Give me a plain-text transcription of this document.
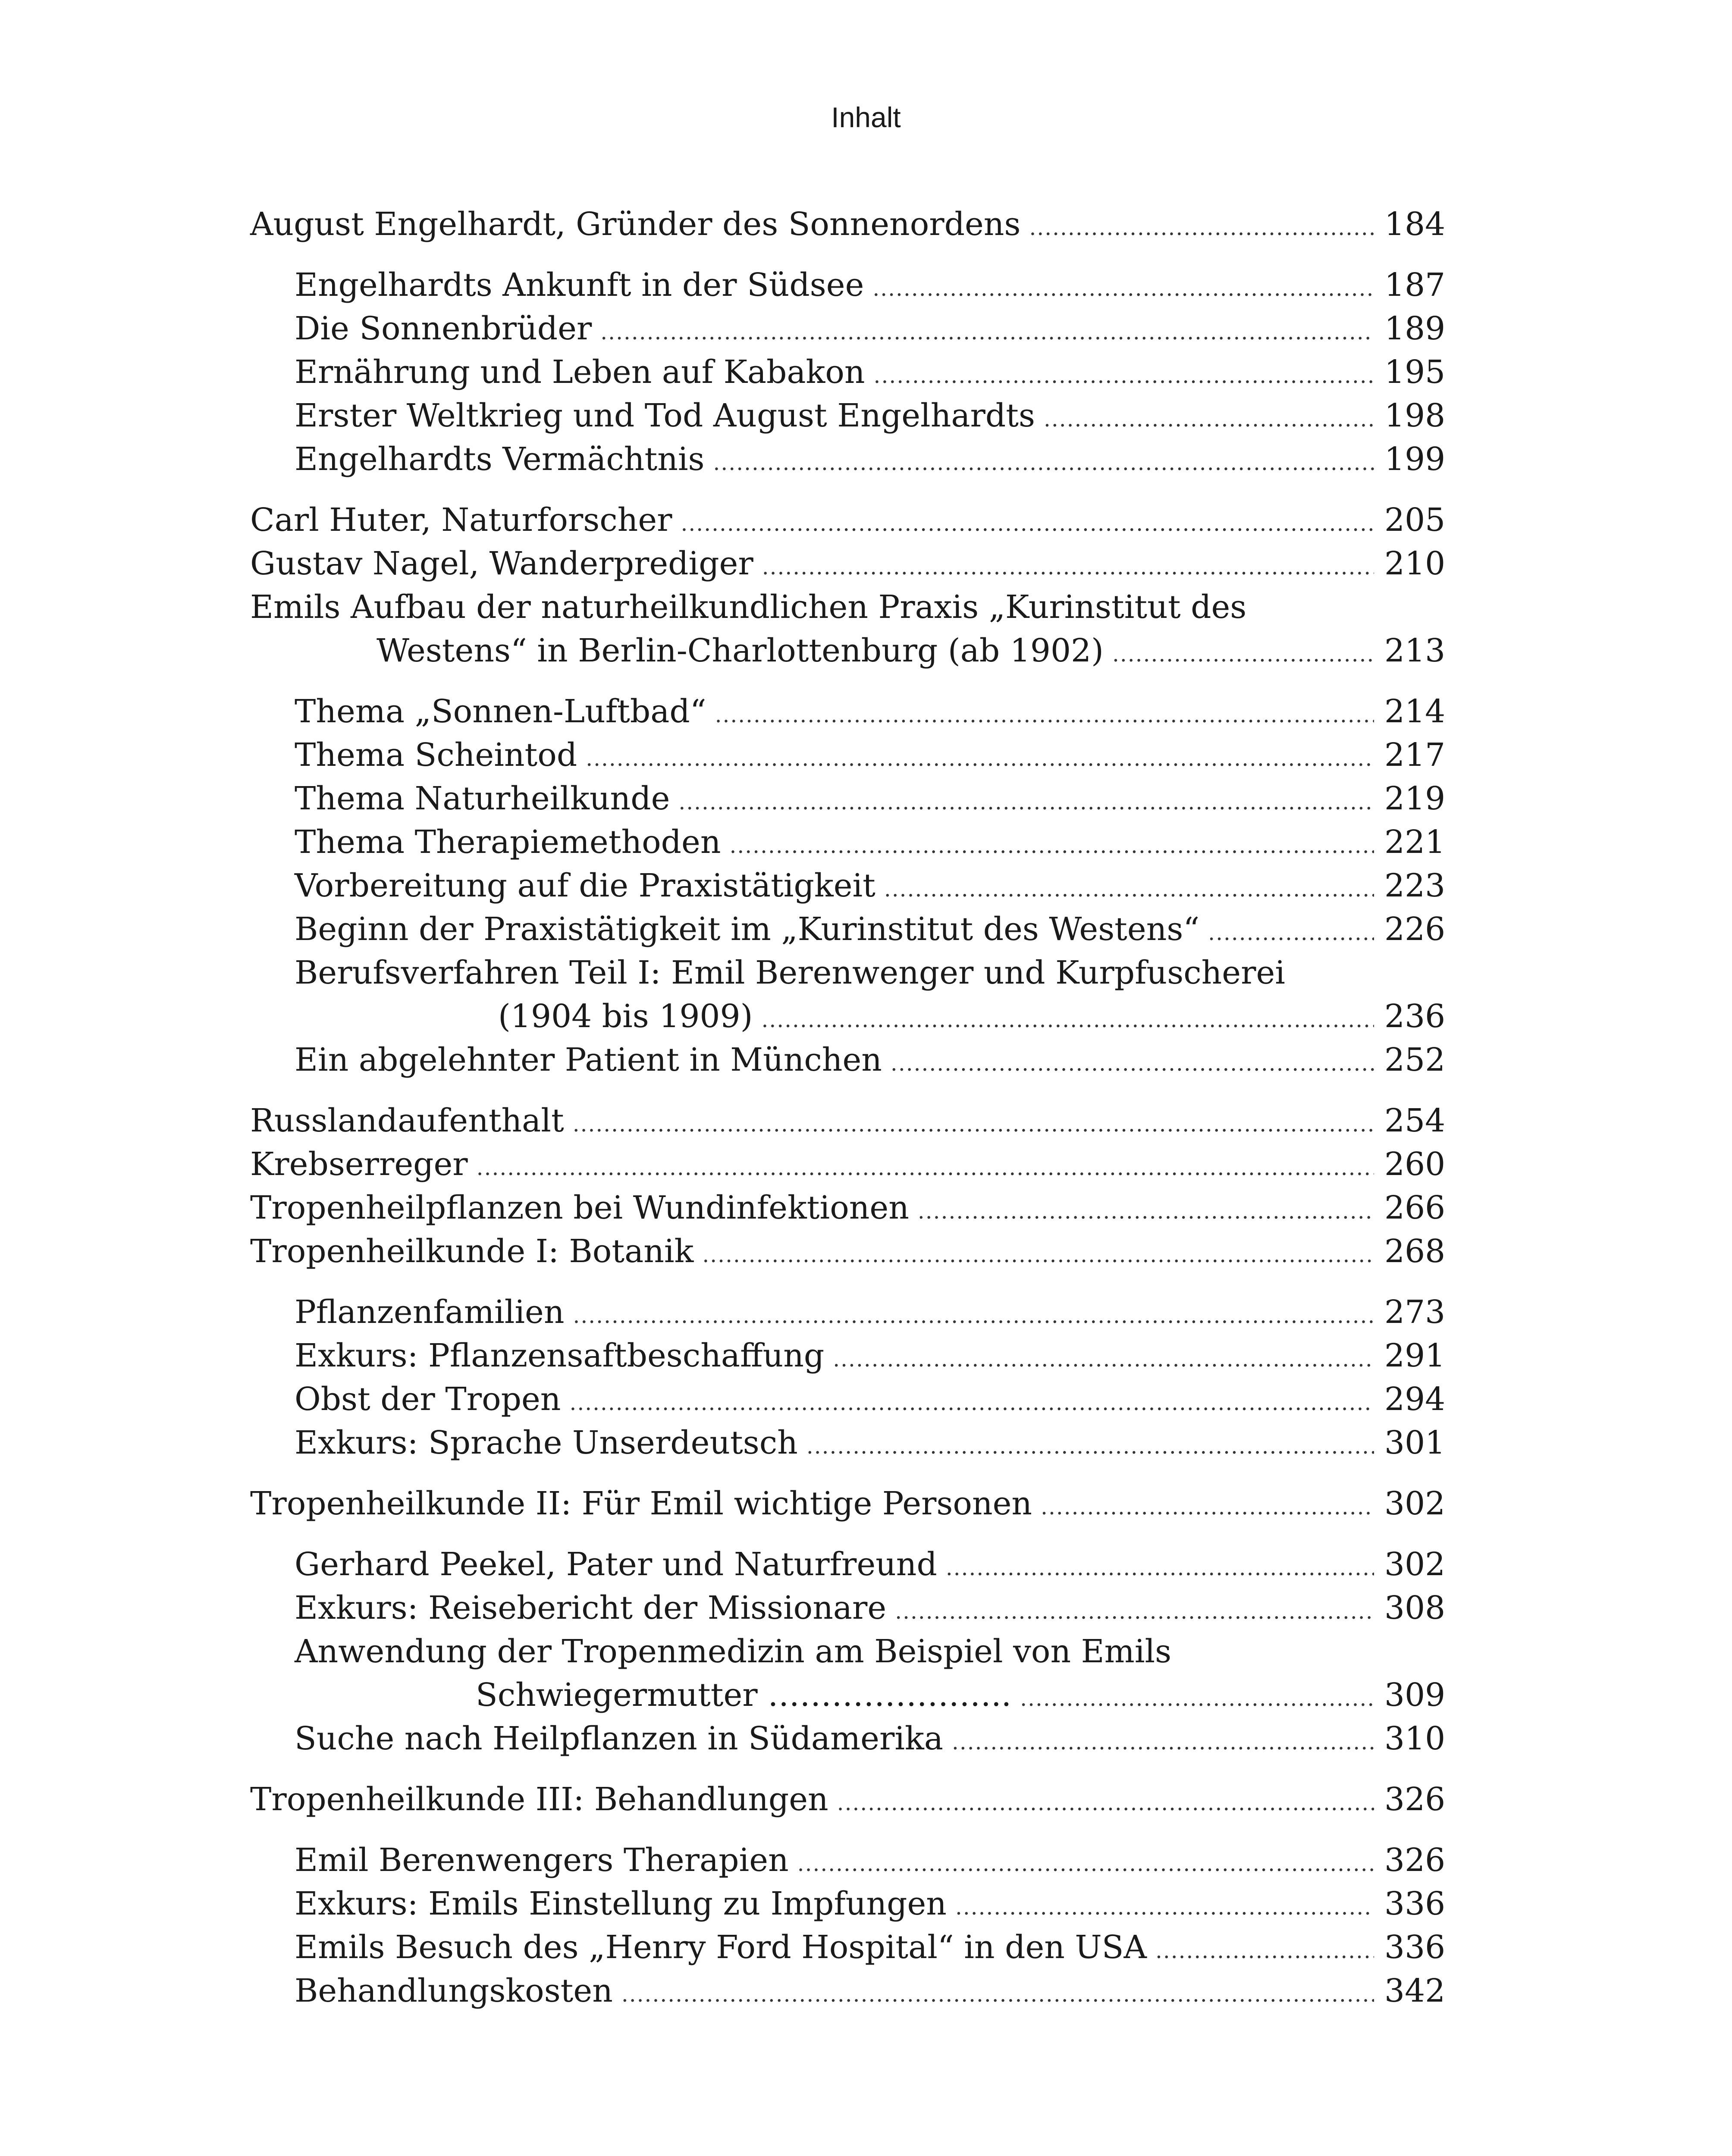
Inhalt
August Engelhardt, Gründer des Sonnenordens .....	184
Engelhardts Ankunft in der Südsee .....	187
Die Sonnenbrüder .....	189
Ernährung und Leben auf Kabakon .....	195
Erster Weltkrieg und Tod August Engelhardts .....	198
Engelhardts Vermächtnis .....	199
Carl Huter, Naturforscher .....	205
Gustav Nagel, Wanderprediger .....	210
Emils Aufbau der naturheilkundlichen Praxis „Kurinstitut des
Westens“ in Berlin-Charlottenburg (ab 1902) .....	213
Thema „Sonnen-Luftbad“ .....	214
Thema Scheintod .....	217
Thema Naturheilkunde .....	219
Thema Therapiemethoden .....	221
Vorbereitung auf die Praxistätigkeit .....	223
Beginn der Praxistätigkeit im „Kurinstitut des Westens“ .....	226
Berufsverfahren Teil I: Emil Berenwenger und Kurpfuscherei
(1904 bis 1909) .....	236
Ein abgelehnter Patient in München .....	252
Russlandaufenthalt .....	254
Krebserreger .....	260
Tropenheilpflanzen bei Wundinfektionen .....	266
Tropenheilkunde I: Botanik .....	268
Pflanzenfamilien .....	273
Exkurs: Pflanzensaftbeschaffung .....	291
Obst der Tropen .....	294
Exkurs: Sprache Unserdeutsch .....	301
Tropenheilkunde II: Für Emil wichtige Personen .....	302
Gerhard Peekel, Pater und Naturfreund .....	302
Exkurs: Reisebericht der Missionare .....	308
Anwendung der Tropenmedizin am Beispiel von Emils
Schwiegermutter ………………….. .....	309
Suche nach Heilpflanzen in Südamerika .....	310
Tropenheilkunde III: Behandlungen .....	326
Emil Berenwengers Therapien .....	326
Exkurs: Emils Einstellung zu Impfungen .....	336
Emils Besuch des „Henry Ford Hospital“ in den USA .....	336
Behandlungskosten .....	342
